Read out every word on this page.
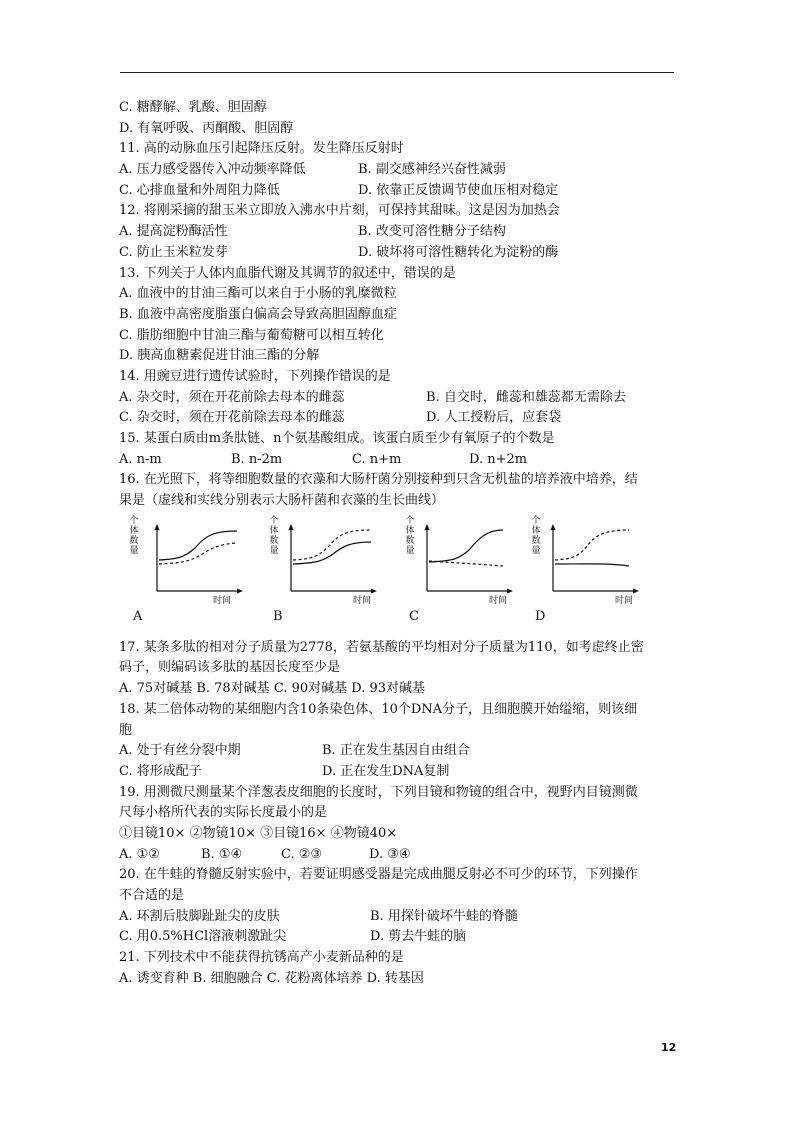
C. 糖酵解、乳酸、胆固醇
D. 有氧呼吸、丙酮酸、胆固醇
11. 高的动脉血压引起降压反射。发生降压反射时
A. 压力感受器传入冲动频率降低	B. 副交感神经兴奋性减弱
C. 心排血量和外周阻力降低	D. 依靠正反馈调节使血压相对稳定
12. 将刚采摘的甜玉米立即放入沸水中片刻，可保持其甜味。这是因为加热会
A. 提高淀粉酶活性	B. 改变可溶性糖分子结构
C. 防止玉米粒发芽	D. 破坏将可溶性糖转化为淀粉的酶
13. 下列关于人体内血脂代谢及其调节的叙述中，错误的是
A. 血液中的甘油三酯可以来自于小肠的乳糜微粒
B. 血液中高密度脂蛋白偏高会导致高胆固醇血症
C. 脂肪细胞中甘油三酯与葡萄糖可以相互转化
D. 胰高血糖素促进甘油三酯的分解
14. 用豌豆进行遗传试验时，下列操作错误的是
A. 杂交时，须在开花前除去母本的雌蕊	B. 自交时，雌蕊和雄蕊都无需除去
C. 杂交时，须在开花前除去母本的雌蕊	D. 人工授粉后，应套袋
15. 某蛋白质由m条肽链、n个氨基酸组成。该蛋白质至少有氧原子的个数是
A. n-m	B. n-2m	C. n+m	D. n+2m
16. 在光照下，将等细胞数量的衣藻和大肠杆菌分别接种到只含无机盐的培养液中培养，结
果是（虚线和实线分别表示大肠杆菌和衣藻的生长曲线）
个体数量
时间
A
个体数量
时间
B
个体数量
时间
C
个体数量
时间
D
17. 某条多肽的相对分子质量为2778，若氨基酸的平均相对分子质量为110，如考虑终止密
码子，则编码该多肽的基因长度至少是
A. 75对碱基 B. 78对碱基 C. 90对碱基 D. 93对碱基
18. 某二倍体动物的某细胞内含10条染色体、10个DNA分子，且细胞膜开始缢缩，则该细
胞
A. 处于有丝分裂中期	B. 正在发生基因自由组合
C. 将形成配子	D. 正在发生DNA复制
19. 用测微尺测量某个洋葱表皮细胞的长度时，下列目镜和物镜的组合中，视野内目镜测微
尺每小格所代表的实际长度最小的是
①目镜10× ②物镜10× ③目镜16× ④物镜40×
A. ①②	B. ①④	C. ②③	D. ③④
20. 在牛蛙的脊髓反射实验中，若要证明感受器是完成曲腿反射必不可少的环节，下列操作
不合适的是
A. 环割后肢脚趾趾尖的皮肤	B. 用探针破坏牛蛙的脊髓
C. 用0.5%HCl溶液刺激趾尖	D. 剪去牛蛙的脑
21. 下列技术中不能获得抗锈高产小麦新品种的是
A. 诱变育种 B. 细胞融合 C. 花粉离体培养 D. 转基因
12
